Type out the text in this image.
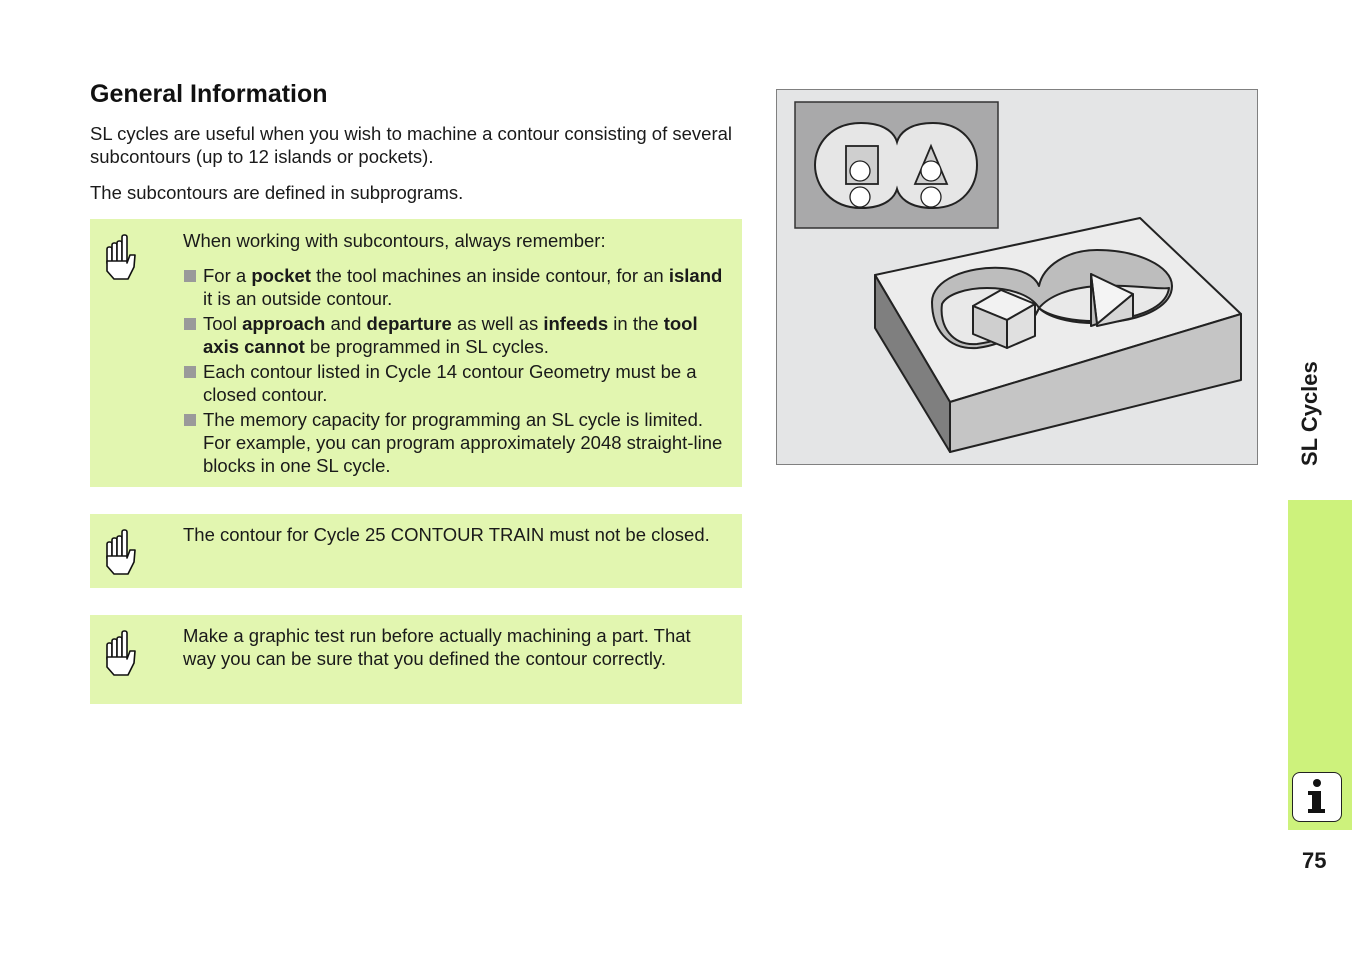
General Information

SL cycles are useful when you wish to machine a contour consisting of several subcontours (up to 12 islands or pockets).

The subcontours are defined in subprograms.

When working with subcontours, always remember:
For a pocket the tool machines an inside contour, for an island it is an outside contour.
Tool approach and departure as well as infeeds in the tool axis cannot be programmed in SL cycles.
Each contour listed in Cycle 14 contour Geometry must be a closed contour.
The memory capacity for programming an SL cycle is limited. For example, you can program approximately 2048 straight-line blocks in one SL cycle.
The contour for Cycle 25 CONTOUR TRAIN must not be closed.
Make a graphic test run before actually machining a part. That way you can be sure that you defined the contour correctly.
SL Cycles
75
